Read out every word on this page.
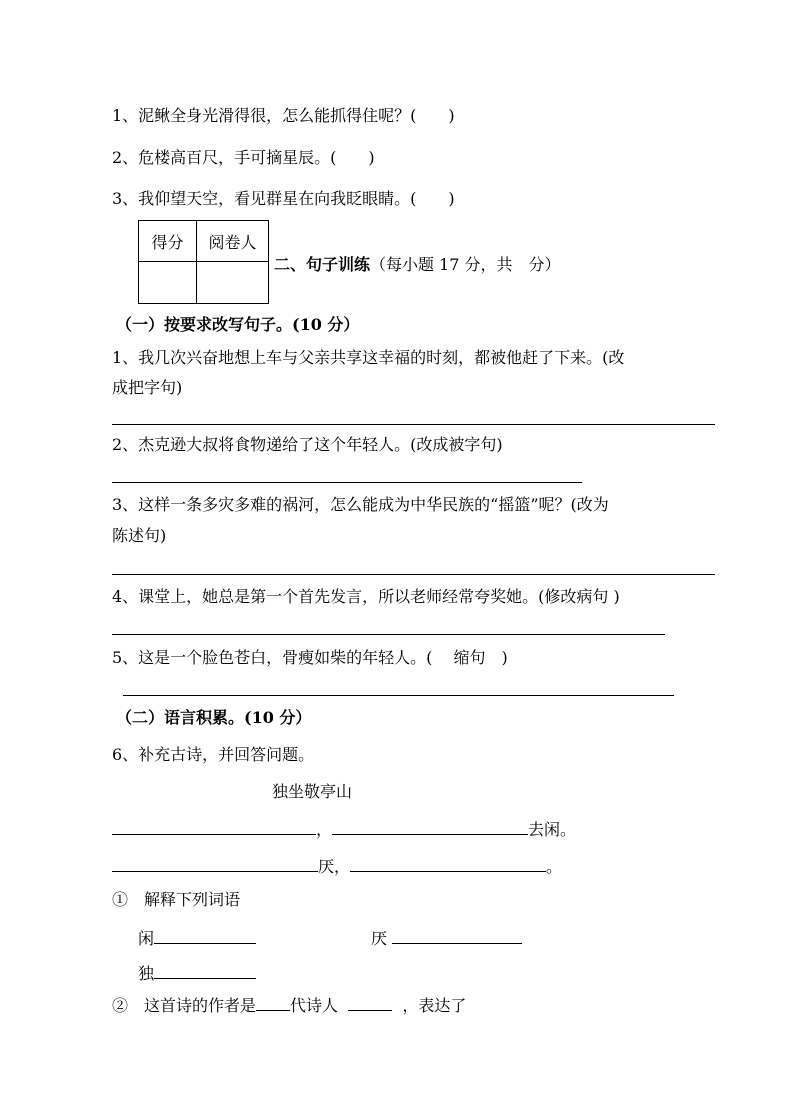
1、泥鳅全身光滑得很，怎么能抓得住呢？(　　)
2、危楼高百尺，手可摘星辰。(　　)
3、我仰望天空，看见群星在向我眨眼睛。(　　)
得分	阅卷人

二、句子训练（每小题 17 分，共　分）
（一）按要求改写句子。(10 分）
1、我几次兴奋地想上车与父亲共享这幸福的时刻，都被他赶了下来。(改
成把字句)
2、杰克逊大叔将食物递给了这个年轻人。(改成被字句)
3、这样一条多灾多难的祸河，怎么能成为中华民族的“摇篮”呢？(改为
陈述句)
4、课堂上，她总是第一个首先发言，所以老师经常夸奖她。(修改病句 )
5、这是一个脸色苍白，骨瘦如柴的年轻人。(　 缩句　)
（二）语言积累。(10 分）
6、补充古诗，并回答问题。
独坐敬亭山
，	去闲。
厌，	。
①　解释下列词语
闲	厌
独
②　这首诗的作者是 代诗人	，表达了
